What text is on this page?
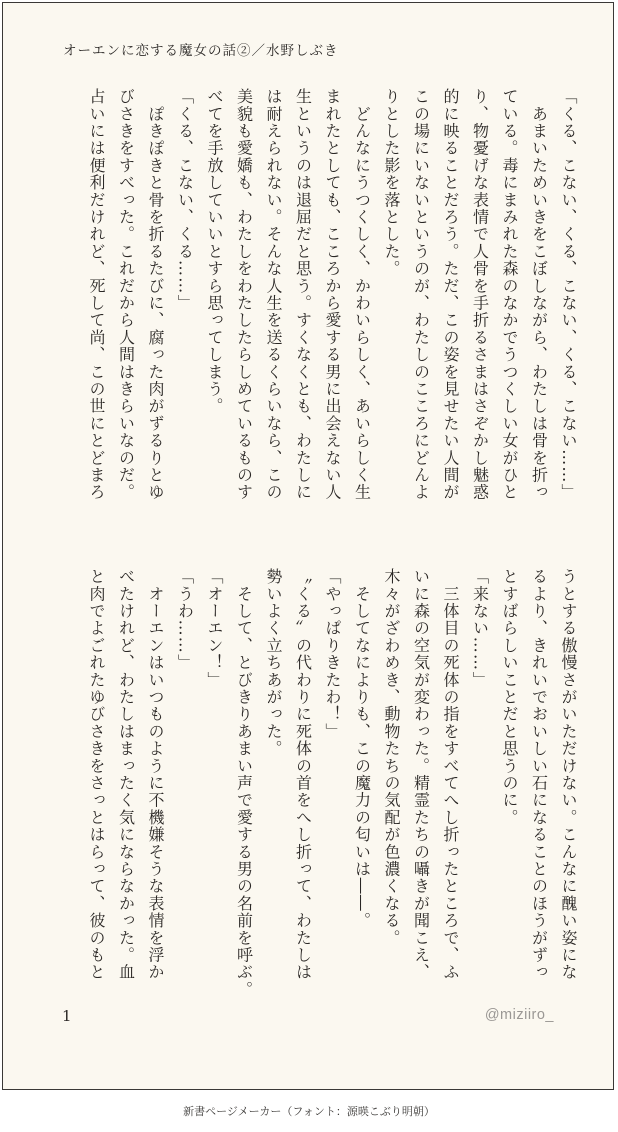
オーエンに恋する魔女の話②／水野しぶき
「くる、こない、くる、こない、くる、こない……」
　あまいためいきをこぼしながら、わたしは骨を折っ
ている。毒にまみれた森のなかでうつくしい女がひと
り、物憂げな表情で人骨を手折るさまはさぞかし魅惑
的に映ることだろう。ただ、この姿を見せたい人間が
この場にいないというのが、わたしのこころにどんよ
りとした影を落とした。
　どんなにうつくしく、かわいらしく、あいらしく生
まれたとしても、こころから愛する男に出会えない人
生というのは退屈だと思う。すくなくとも、わたしに
は耐えられない。そんな人生を送るくらいなら、この
美貌も愛嬌も、わたしをわたしたらしめているものす
べてを手放していいとすら思ってしまう。
「くる、こない、くる……」
　ぽきぽきと骨を折るたびに、腐った肉がずるりとゆ
びさきをすべった。これだから人間はきらいなのだ。
占いには便利だけれど、死して尚、この世にとどまろ
うとする傲慢さがいただけない。こんなに醜い姿にな
るより、きれいでおいしい石になることのほうがずっ
とすばらしいことだと思うのに。
「来ない……」
　三体目の死体の指をすべてへし折ったところで、ふ
いに森の空気が変わった。精霊たちの囁きが聞こえ、
木々がざわめき、動物たちの気配が色濃くなる。
　そしてなによりも、この魔力の匂いは――。
「やっぱりきたわ！」
〝くる〟の代わりに死体の首をへし折って、わたしは
勢いよく立ちあがった。
　そして、とびきりあまい声で愛する男の名前を呼ぶ。
「オーエン！」
「うわ……」
　オーエンはいつものように不機嫌そうな表情を浮か
べたけれど、わたしはまったく気にならなかった。血
と肉でよごれたゆびさきをさっとはらって、彼のもと
1	@miziiro_
新書ページメーカー（フォント：源暎こぶり明朝）
